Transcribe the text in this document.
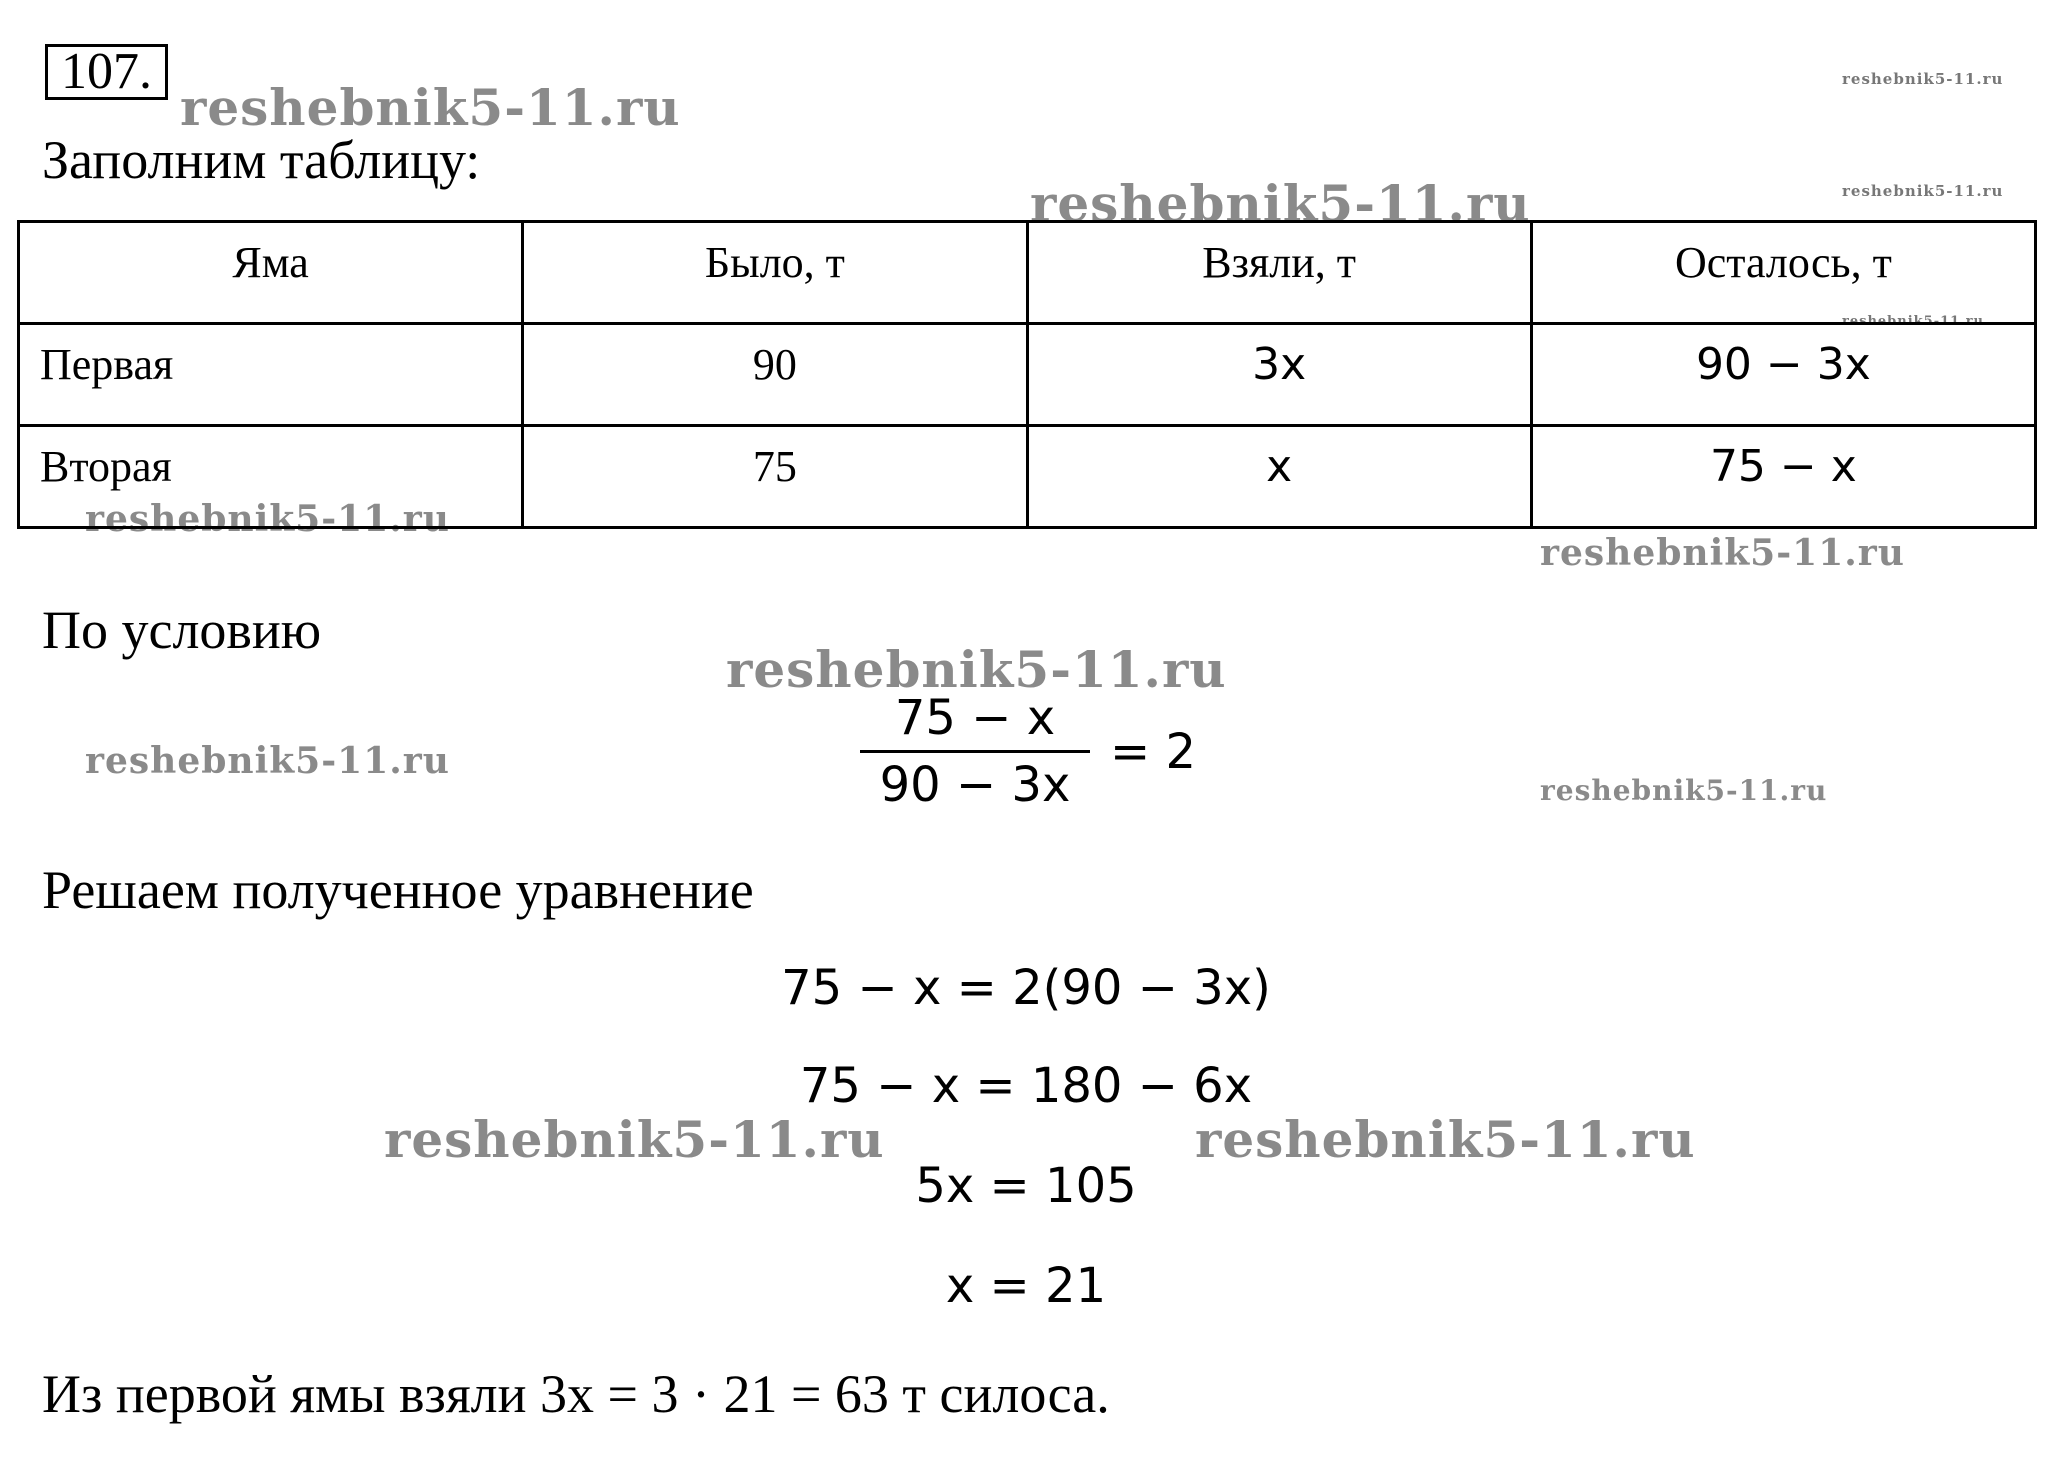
107.
reshebnik5-11.ru	reshebnik5-11.ru
reshebnik5-11.ru
reshebnik5-11.ru
reshebnik5-11.ru
reshebnik5-11.ru
reshebnik5-11.ru
reshebnik5-11.ru
reshebnik5-11.ru
reshebnik5-11.ru
reshebnik5-11.ru	reshebnik5-11.ru
Заполним таблицу:
Яма	Было, т	Взяли, т	Осталось, т
Первая	90	3x	90 − 3x
Вторая	75	x	75 − x
По условию
$\frac{75 - x}{90 - 3x} = 2$
Решаем полученное уравнение
75 − x = 2(90 − 3x)
75 − x = 180 − 6x
5x = 105
x = 21
Из первой ямы взяли 3x = 3 · 21 = 63 т силоса.
